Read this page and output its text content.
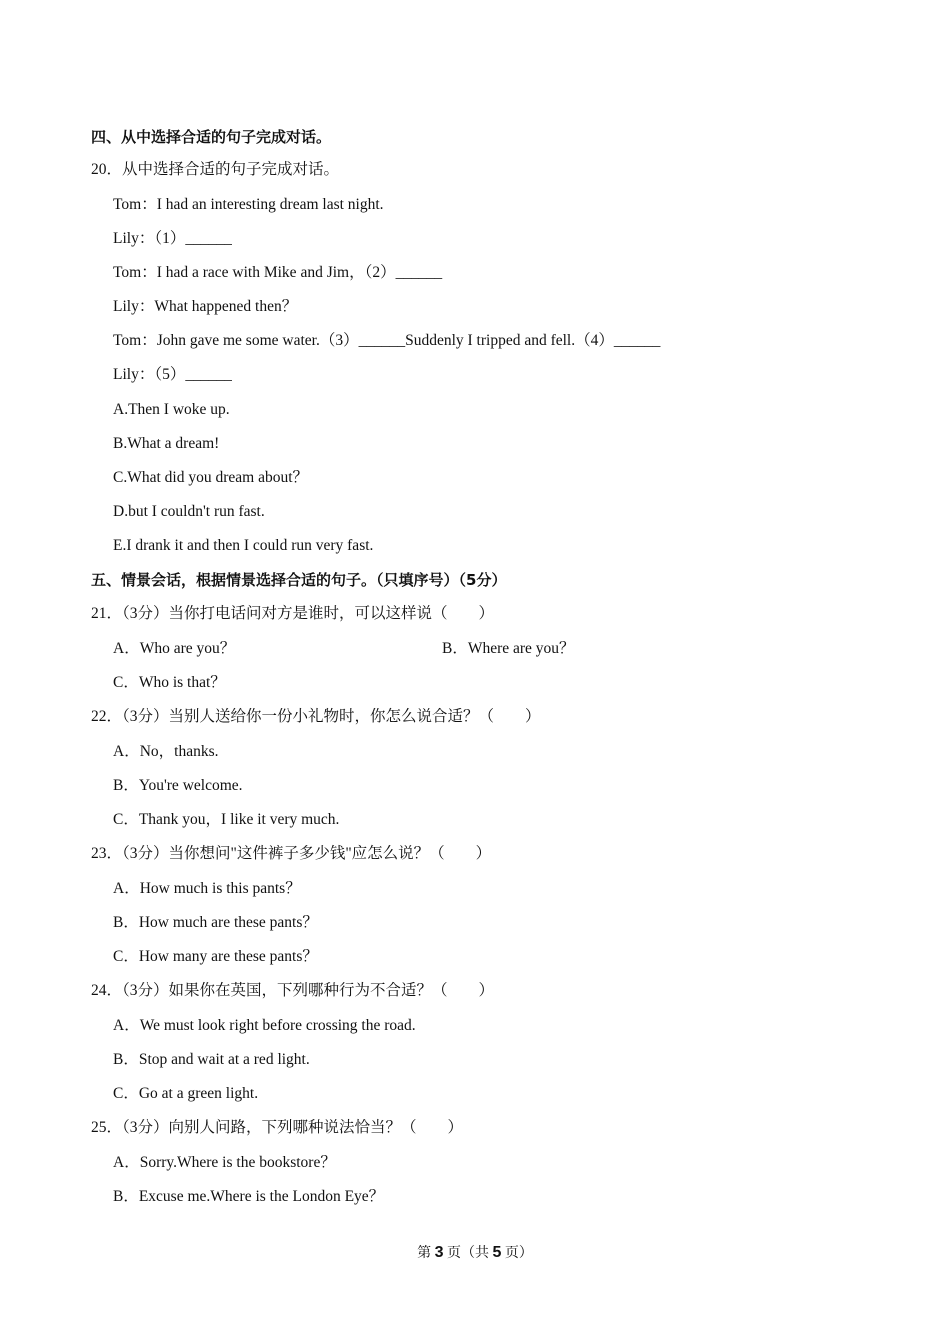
四、从中选择合适的句子完成对话。
20．从中选择合适的句子完成对话。
Tom：I had an interesting dream last night.
Lily：（1）______
Tom：I had a race with Mike and Jim，（2）______
Lily：What happened then？
Tom：John gave me some water.（3）______Suddenly I tripped and fell.（4）______
Lily：（5）______
A.Then I woke up.
B.What a dream!
C.What did you dream about？
D.but I couldn't run fast.
E.I drank it and then I could run very fast.
五、情景会话，根据情景选择合适的句子。（只填序号）（5分）
21．（3分）当你打电话问对方是谁时，可以这样说（　　）
A．Who are you？	B．Where are you？
C．Who is that？
22．（3分）当别人送给你一份小礼物时，你怎么说合适？（　　）
A．No，thanks.
B．You're welcome.
C．Thank you，I like it very much.
23．（3分）当你想问"这件裤子多少钱"应怎么说？（　　）
A．How much is this pants？
B．How much are these pants？
C．How many are these pants？
24．（3分）如果你在英国，下列哪种行为不合适？（　　）
A．We must look right before crossing the road.
B．Stop and wait at a red light.
C．Go at a green light.
25．（3分）向别人问路，下列哪种说法恰当？（　　）
A．Sorry.Where is the bookstore？
B．Excuse me.Where is the London Eye？
第 3 页（共 5 页）
